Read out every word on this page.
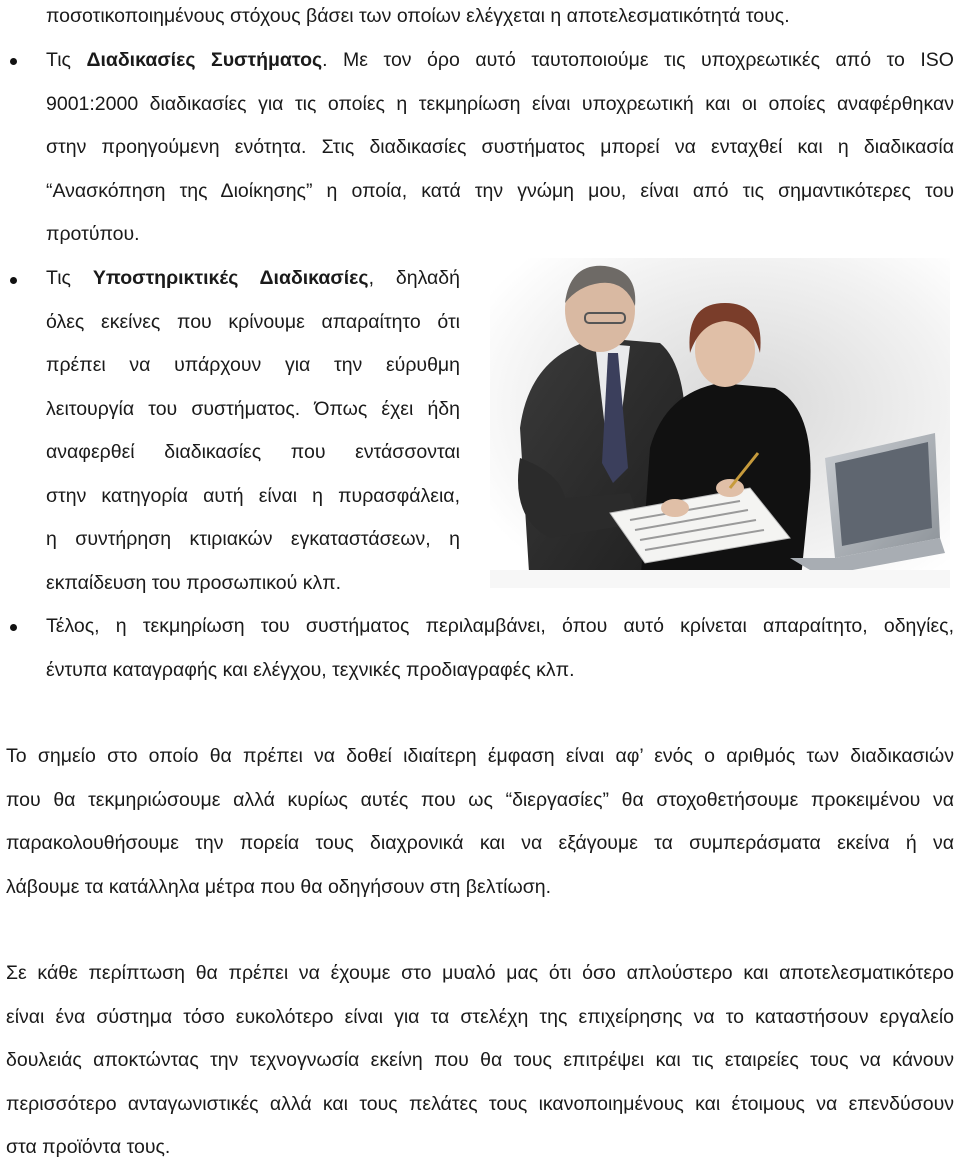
ποσοτικοποιημένους στόχους βάσει των οποίων ελέγχεται η αποτελεσματικότητά τους.
Τις Διαδικασίες Συστήματος. Με τον όρο αυτό ταυτοποιούμε τις υποχρεωτικές από το ISO
9001:2000 διαδικασίες για τις οποίες η τεκμηρίωση είναι υποχρεωτική και οι οποίες αναφέρθηκαν
στην προηγούμενη ενότητα. Στις διαδικασίες συστήματος μπορεί να ενταχθεί και η διαδικασία
“Ανασκόπηση της Διοίκησης” η οποία, κατά την γνώμη μου, είναι από τις σημαντικότερες του
προτύπου.
Τις Υποστηρικτικές Διαδικασίες, δηλαδή
όλες εκείνες που κρίνουμε απαραίτητο ότι
πρέπει να υπάρχουν για την εύρυθμη
λειτουργία του συστήματος. Όπως έχει ήδη
αναφερθεί διαδικασίες που εντάσσονται
στην κατηγορία αυτή είναι η πυρασφάλεια,
η συντήρηση κτιριακών εγκαταστάσεων, η
εκπαίδευση του προσωπικού κλπ.
Τέλος, η τεκμηρίωση του συστήματος περιλαμβάνει, όπου αυτό κρίνεται απαραίτητο, οδηγίες,
έντυπα καταγραφής και ελέγχου, τεχνικές προδιαγραφές κλπ.
Το σημείο στο οποίο θα πρέπει να δοθεί ιδιαίτερη έμφαση είναι αφ’ ενός ο αριθμός των διαδικασιών
που θα τεκμηριώσουμε αλλά κυρίως αυτές που ως “διεργασίες” θα στοχοθετήσουμε προκειμένου να
παρακολουθήσουμε την πορεία τους διαχρονικά και να εξάγουμε τα συμπεράσματα εκείνα ή να
λάβουμε τα κατάλληλα μέτρα που θα οδηγήσουν στη βελτίωση.
Σε κάθε περίπτωση θα πρέπει να έχουμε στο μυαλό μας ότι όσο απλούστερο και αποτελεσματικότερο
είναι ένα σύστημα τόσο ευκολότερο είναι για τα στελέχη της επιχείρησης να το καταστήσουν εργαλείο
δουλειάς αποκτώντας την τεχνογνωσία εκείνη που θα τους επιτρέψει και τις εταιρείες τους να κάνουν
περισσότερο ανταγωνιστικές αλλά και τους πελάτες τους ικανοποιημένους και έτοιμους να επενδύσουν
στα προϊόντα τους.
